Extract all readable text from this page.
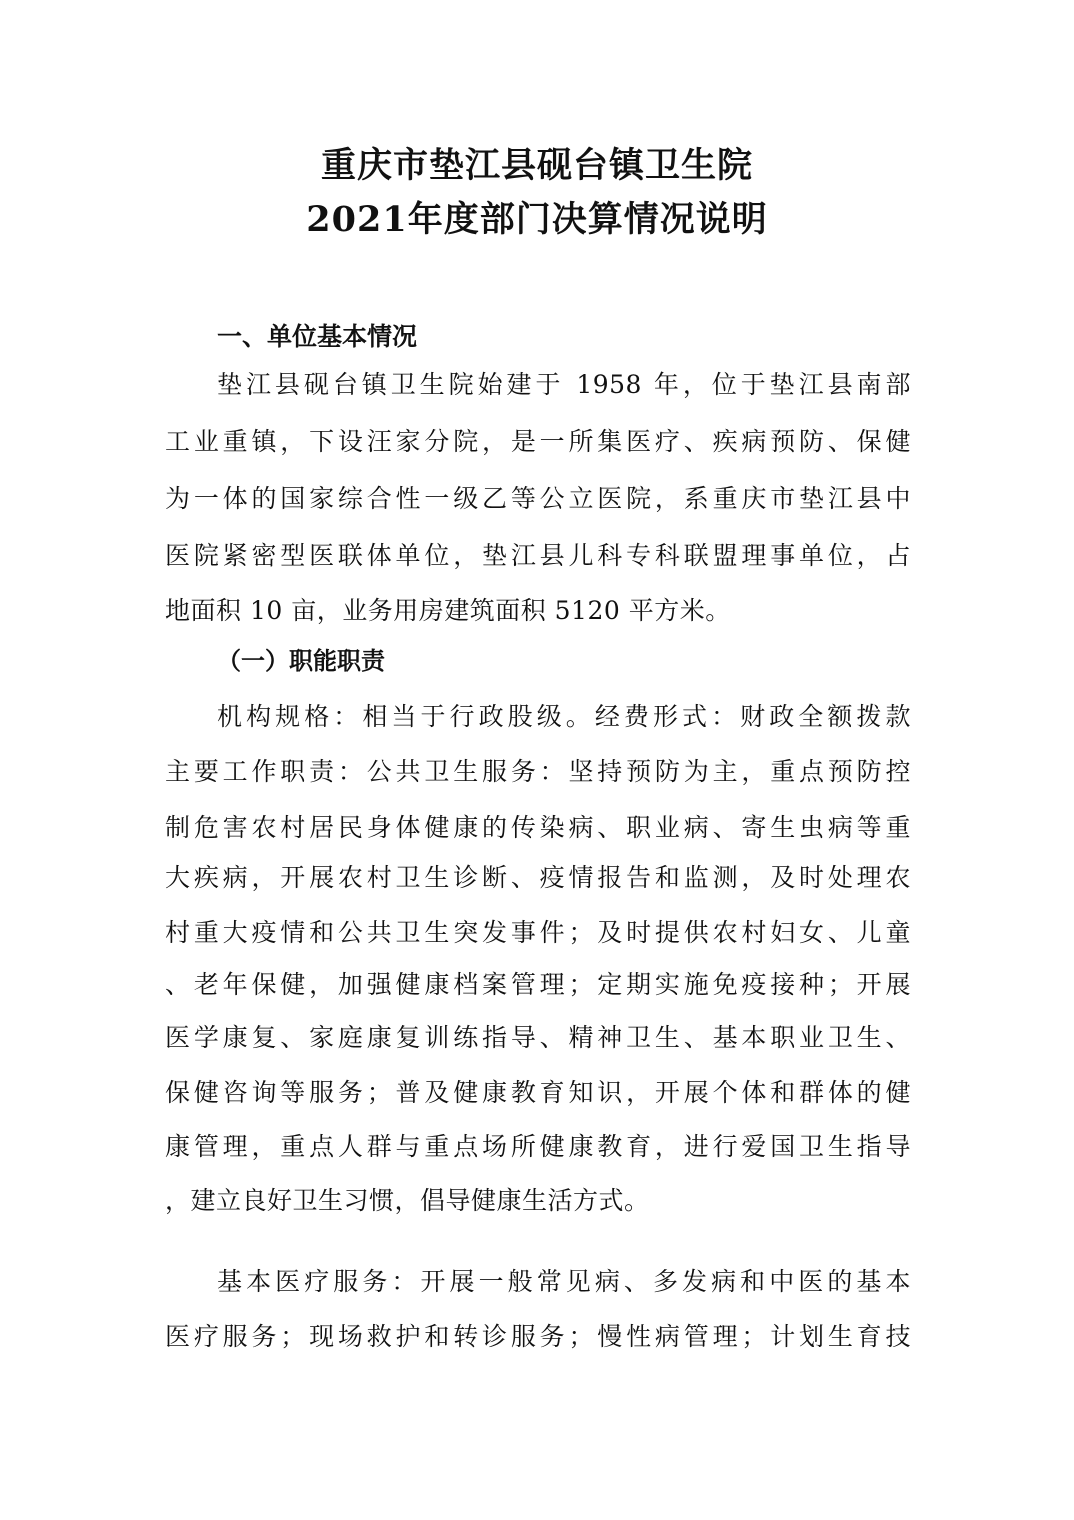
重庆市垫江县砚台镇卫生院
2021年度部门决算情况说明
一、单位基本情况
垫江县砚台镇卫生院始建于 1958 年，位于垫江县南部
工业重镇，下设汪家分院，是一所集医疗、疾病预防、保健
为一体的国家综合性一级乙等公立医院，系重庆市垫江县中
医院紧密型医联体单位，垫江县儿科专科联盟理事单位，占
地面积 10 亩，业务用房建筑面积 5120 平方米。
（一）职能职责
机构规格：相当于行政股级。经费形式：财政全额拨款
主要工作职责：公共卫生服务：坚持预防为主，重点预防控
制危害农村居民身体健康的传染病、职业病、寄生虫病等重
大疾病，开展农村卫生诊断、疫情报告和监测，及时处理农
村重大疫情和公共卫生突发事件；及时提供农村妇女、儿童
、老年保健，加强健康档案管理；定期实施免疫接种；开展
医学康复、家庭康复训练指导、精神卫生、基本职业卫生、
保健咨询等服务；普及健康教育知识，开展个体和群体的健
康管理，重点人群与重点场所健康教育，进行爱国卫生指导
，建立良好卫生习惯，倡导健康生活方式。
基本医疗服务：开展一般常见病、多发病和中医的基本
医疗服务；现场救护和转诊服务；慢性病管理；计划生育技
